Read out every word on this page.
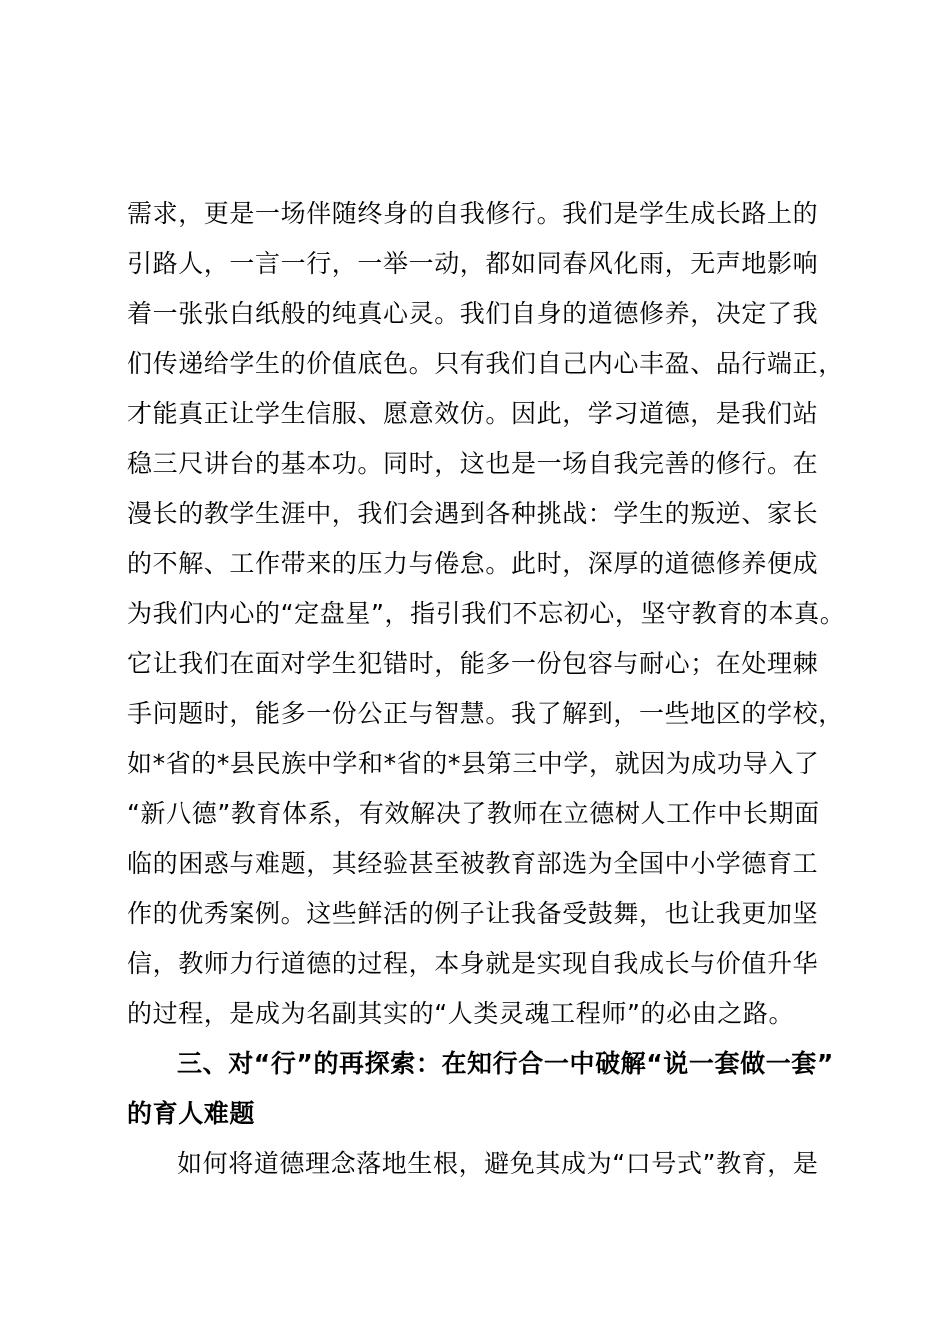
需求，更是一场伴随终身的自我修行。我们是学生成长路上的
引路人，一言一行，一举一动，都如同春风化雨，无声地影响
着一张张白纸般的纯真心灵。我们自身的道德修养，决定了我
们传递给学生的价值底色。只有我们自己内心丰盈、品行端正，
才能真正让学生信服、愿意效仿。因此，学习道德，是我们站
稳三尺讲台的基本功。同时，这也是一场自我完善的修行。在
漫长的教学生涯中，我们会遇到各种挑战：学生的叛逆、家长
的不解、工作带来的压力与倦怠。此时，深厚的道德修养便成
为我们内心的“定盘星”，指引我们不忘初心，坚守教育的本真。
它让我们在面对学生犯错时，能多一份包容与耐心；在处理棘
手问题时，能多一份公正与智慧。我了解到，一些地区的学校，
如*省的*县民族中学和*省的*县第三中学，就因为成功导入了
“新八德”教育体系，有效解决了教师在立德树人工作中长期面
临的困惑与难题，其经验甚至被教育部选为全国中小学德育工
作的优秀案例。这些鲜活的例子让我备受鼓舞，也让我更加坚
信，教师力行道德的过程，本身就是实现自我成长与价值升华
的过程，是成为名副其实的“人类灵魂工程师”的必由之路。
三、对“行”的再探索：在知行合一中破解“说一套做一套”
的育人难题
如何将道德理念落地生根，避免其成为“口号式”教育，是
